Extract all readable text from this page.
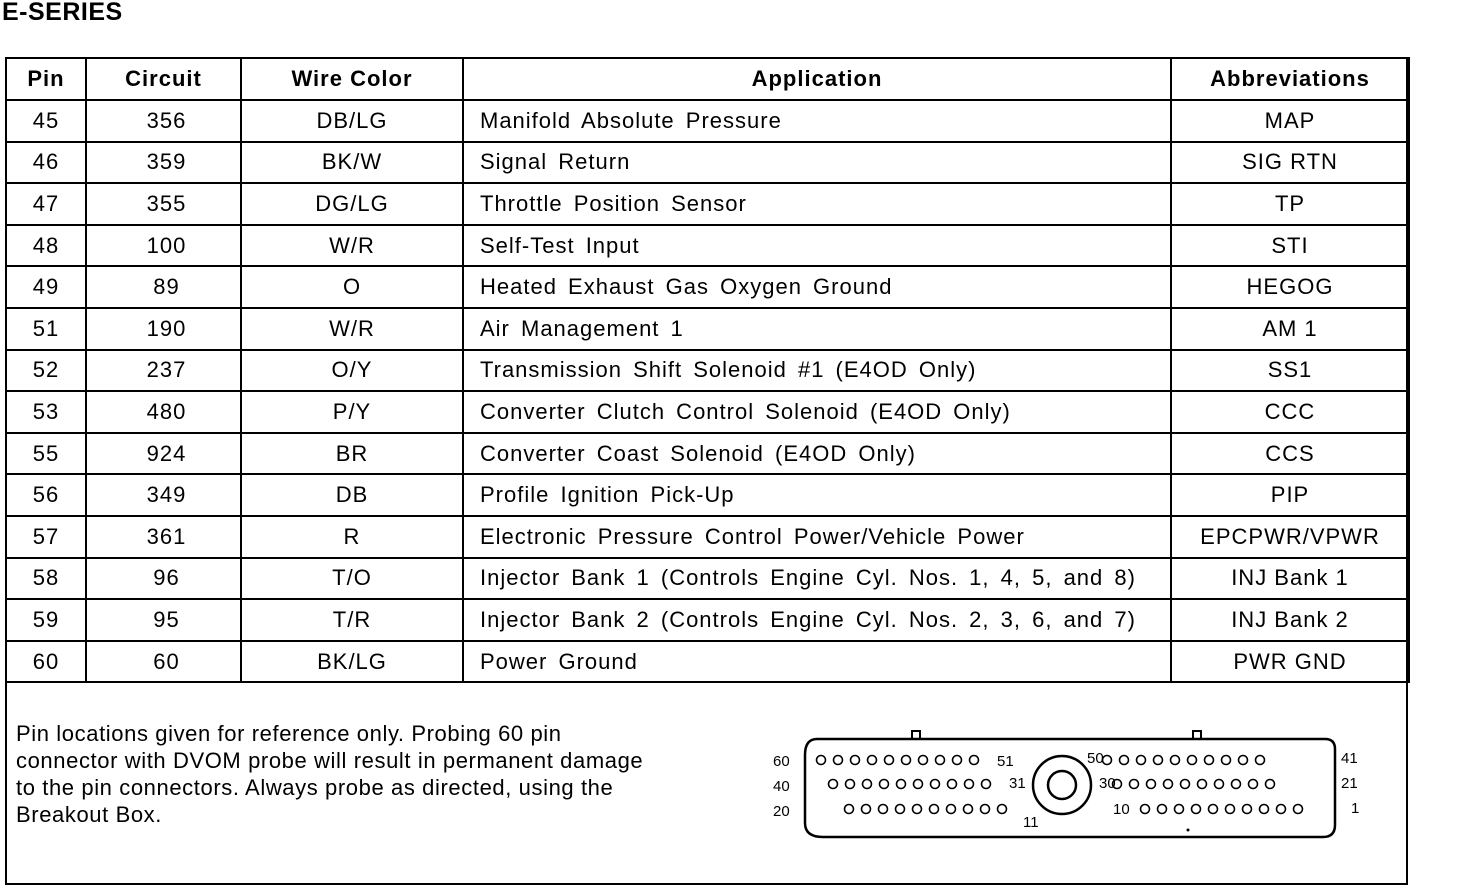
E-SERIES
Pin	Circuit	Wire Color	Application	Abbreviations
45	356	DB/LG	Manifold Absolute Pressure	MAP
46	359	BK/W	Signal Return	SIG RTN
47	355	DG/LG	Throttle Position Sensor	TP
48	100	W/R	Self-Test Input	STI
49	89	O	Heated Exhaust Gas Oxygen Ground	HEGOG
51	190	W/R	Air Management 1	AM 1
52	237	O/Y	Transmission Shift Solenoid #1 (E4OD Only)	SS1
53	480	P/Y	Converter Clutch Control Solenoid (E4OD Only)	CCC
55	924	BR	Converter Coast Solenoid (E4OD Only)	CCS
56	349	DB	Profile Ignition Pick-Up	PIP
57	361	R	Electronic Pressure Control Power/Vehicle Power	EPCPWR/VPWR
58	96	T/O	Injector Bank 1 (Controls Engine Cyl. Nos. 1, 4, 5, and 8)	INJ Bank 1
59	95	T/R	Injector Bank 2 (Controls Engine Cyl. Nos. 2, 3, 6, and 7)	INJ Bank 2
60	60	BK/LG	Power Ground	PWR GND
Pin locations given for reference only. Probing 60 pin
connector with DVOM probe will result in permanent damage
to the pin connectors. Always probe as directed, using the
Breakout Box.
60
40
20
41
21
1
51
31
11
50
30
10
